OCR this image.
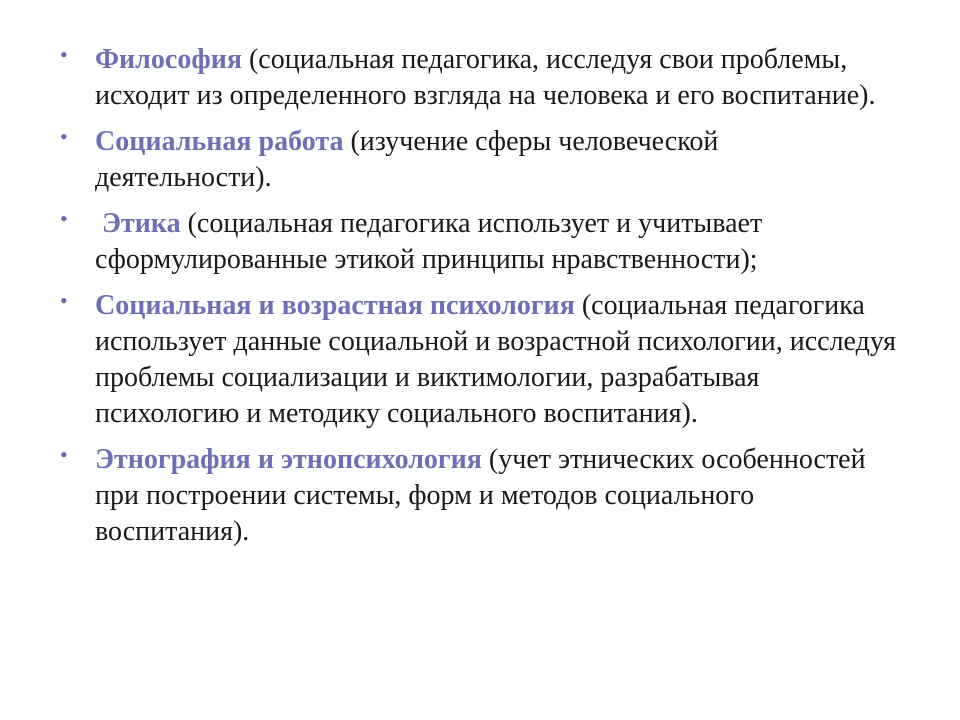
• Философия (социальная педагогика, исследуя свои проблемы, исходит из определенного взгляда на человека и его воспитание).
• Социальная работа (изучение сферы человеческой деятельности).
• Этика (социальная педагогика использует и учитывает сформулированные этикой принципы нравственности);
• Социальная и возрастная психология (социальная педагогика использует данные социальной и возрастной психологии, исследуя проблемы социализации и виктимологии, разрабатывая психологию и методику социального воспитания).
• Этнография и этнопсихология (учет этнических особенностей при построении системы, форм и методов социального воспитания).
